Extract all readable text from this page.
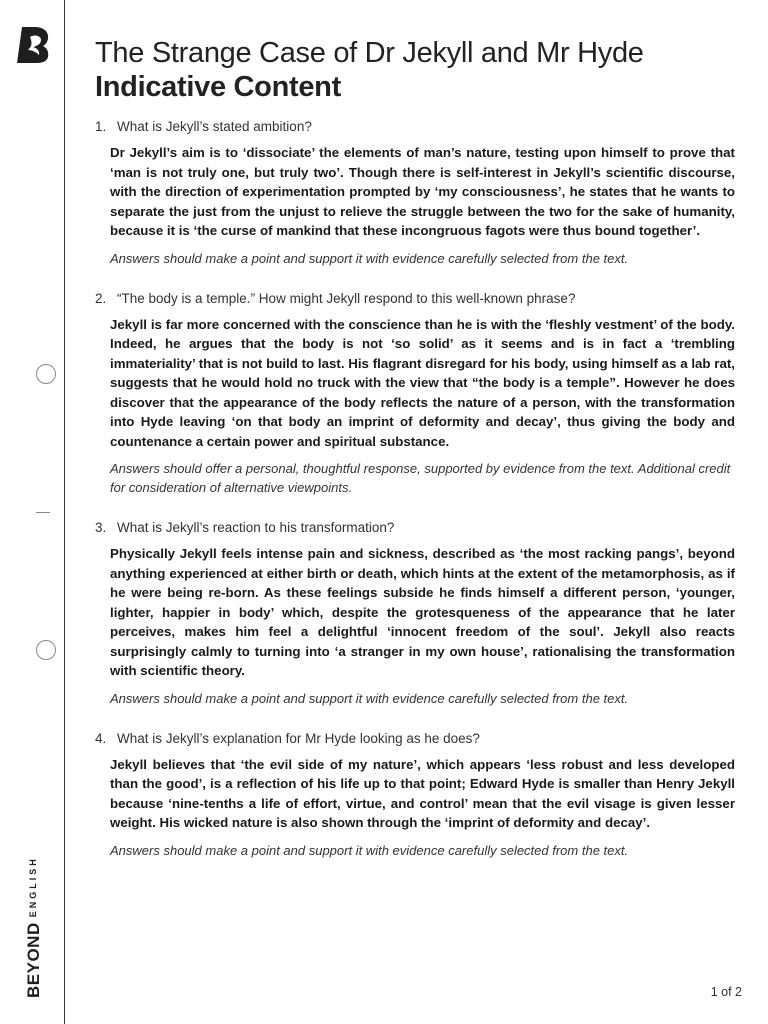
BEYONDENGLISH
The Strange Case of Dr Jekyll and Mr Hyde
Indicative Content
1. What is Jekyll’s stated ambition?
Dr Jekyll’s aim is to ‘dissociate’ the elements of man’s nature, testing upon himself to prove that ‘man is not truly one, but truly two’. Though there is self-interest in Jekyll’s scientific discourse, with the direction of experimentation prompted by ‘my consciousness’, he states that he wants to separate the just from the unjust to relieve the struggle between the two for the sake of humanity, because it is ‘the curse of mankind that these incongruous fagots were thus bound together’.
Answers should make a point and support it with evidence carefully selected from the text.
2. “The body is a temple.” How might Jekyll respond to this well-known phrase?
Jekyll is far more concerned with the conscience than he is with the ‘fleshly vestment’ of the body. Indeed, he argues that the body is not ‘so solid’ as it seems and is in fact a ‘trembling immateriality’ that is not build to last. His flagrant disregard for his body, using himself as a lab rat, suggests that he would hold no truck with the view that “the body is a temple”. However he does discover that the appearance of the body reflects the nature of a person, with the transformation into Hyde leaving ‘on that body an imprint of deformity and decay’, thus giving the body and countenance a certain power and spiritual substance.
Answers should offer a personal, thoughtful response, supported by evidence from the text. Additional credit for consideration of alternative viewpoints.
3. What is Jekyll’s reaction to his transformation?
Physically Jekyll feels intense pain and sickness, described as ‘the most racking pangs’, beyond anything experienced at either birth or death, which hints at the extent of the metamorphosis, as if he were being re-born. As these feelings subside he finds himself a different person, ‘younger, lighter, happier in body’ which, despite the grotesqueness of the appearance that he later perceives, makes him feel a delightful ‘innocent freedom of the soul’. Jekyll also reacts surprisingly calmly to turning into ‘a stranger in my own house’, rationalising the transformation with scientific theory.
Answers should make a point and support it with evidence carefully selected from the text.
4. What is Jekyll’s explanation for Mr Hyde looking as he does?
Jekyll believes that ‘the evil side of my nature’, which appears ‘less robust and less developed than the good’, is a reflection of his life up to that point; Edward Hyde is smaller than Henry Jekyll because ‘nine-tenths a life of effort, virtue, and control’ mean that the evil visage is given lesser weight. His wicked nature is also shown through the ‘imprint of deformity and decay’.
Answers should make a point and support it with evidence carefully selected from the text.
1 of 2
